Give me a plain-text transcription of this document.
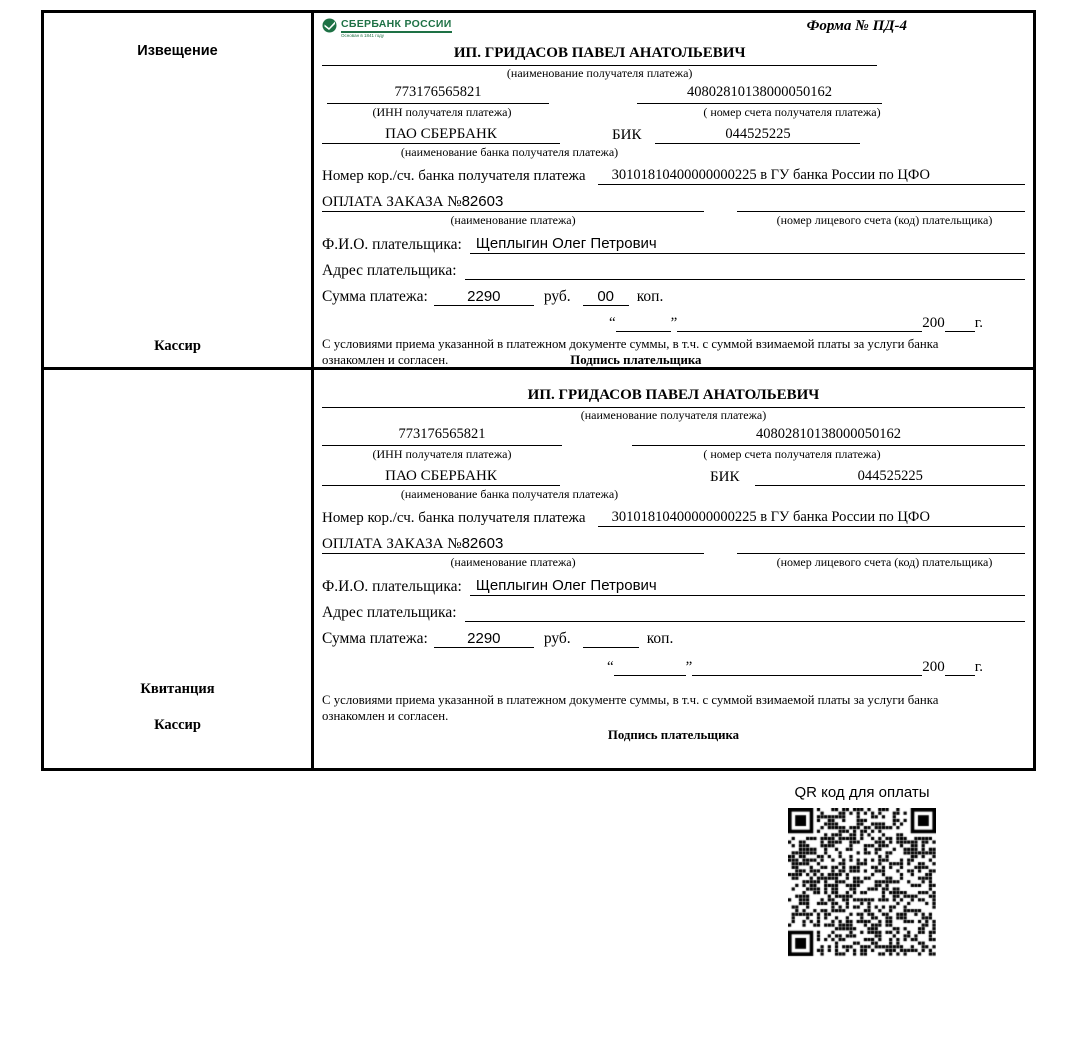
Извещение
Кассир
СБЕРБАНК РОССИИ
Основан в 1841 году
Форма № ПД-4
ИП. ГРИДАСОВ ПАВЕЛ АНАТОЛЬЕВИЧ
(наименование получателя платежа)
773176565821	40802810138000050162
(ИНН получателя платежа)	( номер счета получателя платежа)
ПАО СБЕРБАНК	БИК	044525225
(наименование банка получателя платежа)
Номер кор./сч. банка получателя платежа	30101810400000000225 в ГУ банка России по ЦФО
ОПЛАТА ЗАКАЗА №82603
(наименование платежа)	(номер лицевого счета (код) плательщика)
Ф.И.О. плательщика: Щеплыгин Олег Петрович
Адрес плательщика:
Сумма платежа:	2290	руб.	00	коп.
“	”	200 г.
С условиями приема указанной в платежном документе суммы, в т.ч. с суммой взимаемой платы за услуги банка
ознакомлен и согласен.	Подпись плательщика
Квитанция
Кассир
ИП. ГРИДАСОВ ПАВЕЛ АНАТОЛЬЕВИЧ
(наименование получателя платежа)
773176565821	40802810138000050162
(ИНН получателя платежа)	( номер счета получателя платежа)
ПАО СБЕРБАНК	БИК	044525225
(наименование банка получателя платежа)
Номер кор./сч. банка получателя платежа	30101810400000000225 в ГУ банка России по ЦФО
ОПЛАТА ЗАКАЗА №82603
(наименование платежа)	(номер лицевого счета (код) плательщика)
Ф.И.О. плательщика: Щеплыгин Олег Петрович
Адрес плательщика:
Сумма платежа:	2290	руб.	коп.
“	”	200 г.
С условиями приема указанной в платежном документе суммы, в т.ч. с суммой взимаемой платы за услуги банка
ознакомлен и согласен.
Подпись плательщика
QR код для оплаты
